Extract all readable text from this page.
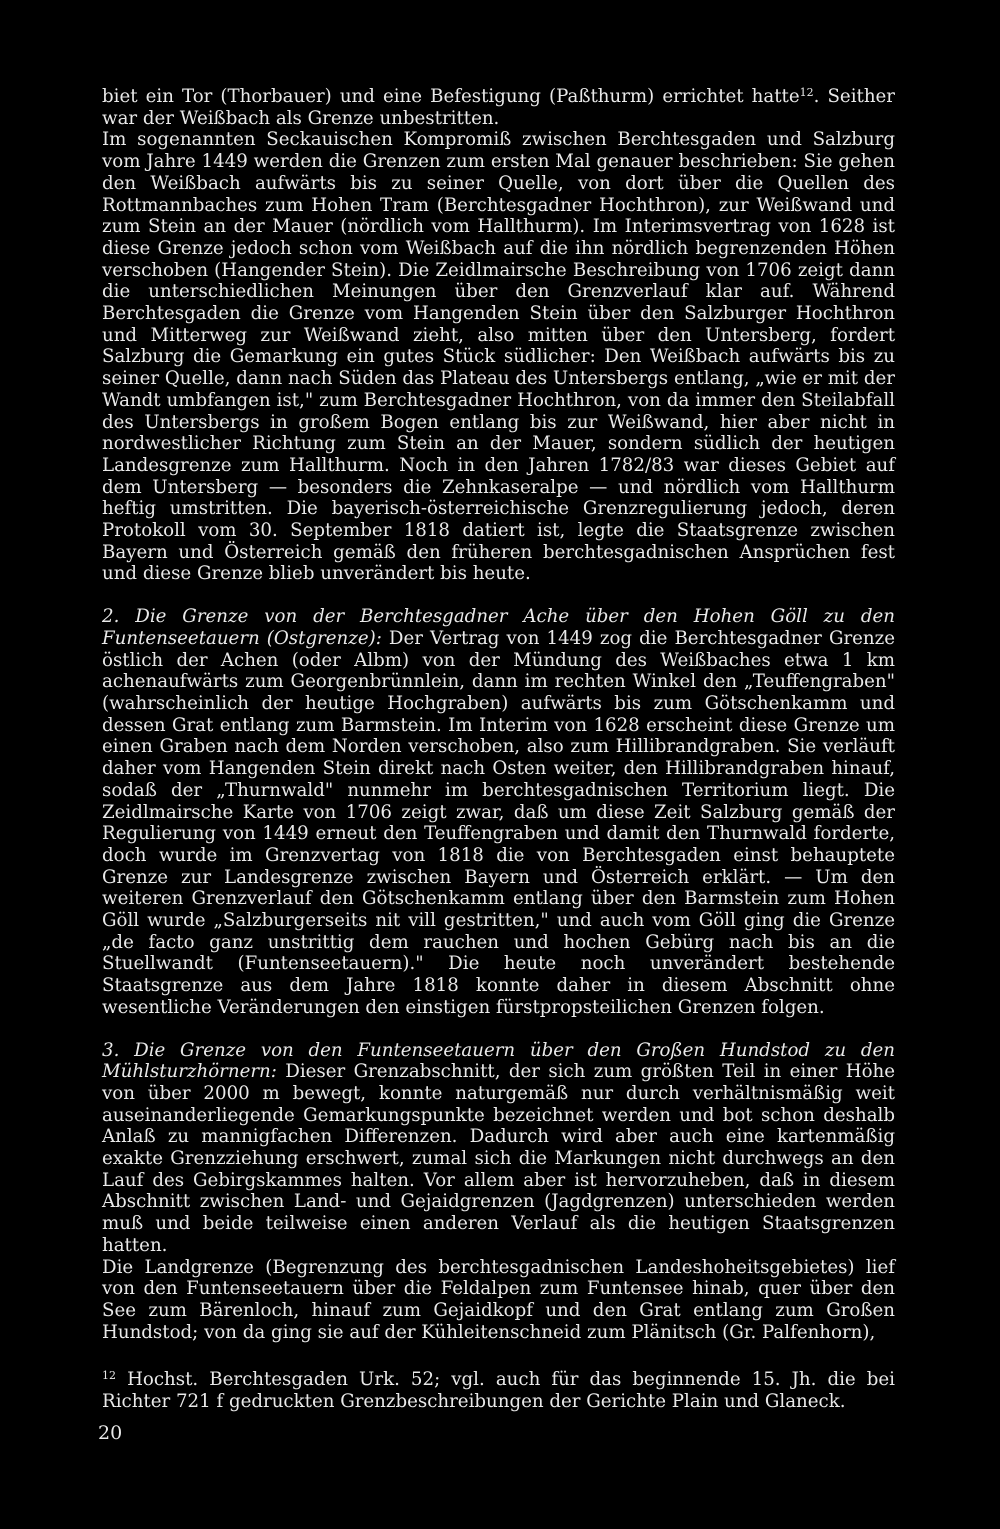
biet ein Tor (Thorbauer) und eine Befestigung (Paßthurm) errichtet hatte$^{12}$. Seither war der Weißbach als Grenze unbestritten.

Im sogenannten Seckauischen Kompromiß zwischen Berchtesgaden und Salzburg vom Jahre 1449 werden die Grenzen zum ersten Mal genauer beschrieben: Sie gehen den Weißbach aufwärts bis zu seiner Quelle, von dort über die Quellen des Rottmannbaches zum Hohen Tram (Berchtesgadner Hochthron), zur Weißwand und zum Stein an der Mauer (nördlich vom Hallthurm). Im Interimsvertrag von 1628 ist diese Grenze jedoch schon vom Weißbach auf die ihn nördlich begrenzenden Höhen verschoben (Hangender Stein). Die Zeidlmairsche Beschreibung von 1706 zeigt dann die unterschiedlichen Meinungen über den Grenzverlauf klar auf. Während Berchtesgaden die Grenze vom Hangenden Stein über den Salzburger Hochthron und Mitterweg zur Weißwand zieht, also mitten über den Untersberg, fordert Salzburg die Gemarkung ein gutes Stück südlicher: Den Weißbach aufwärts bis zu seiner Quelle, dann nach Süden das Plateau des Untersbergs entlang, „wie er mit der Wandt umbfangen ist," zum Berchtesgadner Hochthron, von da immer den Steilabfall des Untersbergs in großem Bogen entlang bis zur Weißwand, hier aber nicht in nordwestlicher Richtung zum Stein an der Mauer, sondern südlich der heutigen Landesgrenze zum Hallthurm. Noch in den Jahren 1782/83 war dieses Gebiet auf dem Untersberg — besonders die Zehnkaseralpe — und nördlich vom Hallthurm heftig umstritten. Die bayerisch-österreichische Grenzregulierung jedoch, deren Protokoll vom 30. September 1818 datiert ist, legte die Staatsgrenze zwischen Bayern und Österreich gemäß den früheren berchtesgadnischen Ansprüchen fest und diese Grenze blieb unverändert bis heute.

2. Die Grenze von der Berchtesgadner Ache über den Hohen Göll zu den Funtenseetauern (Ostgrenze): Der Vertrag von 1449 zog die Berchtesgadner Grenze östlich der Achen (oder Albm) von der Mündung des Weißbaches etwa 1 km achenaufwärts zum Georgenbrünnlein, dann im rechten Winkel den „Teuffengraben" (wahrscheinlich der heutige Hochgraben) aufwärts bis zum Götschenkamm und dessen Grat entlang zum Barmstein. Im Interim von 1628 erscheint diese Grenze um einen Graben nach dem Norden verschoben, also zum Hillibrandgraben. Sie verläuft daher vom Hangenden Stein direkt nach Osten weiter, den Hillibrandgraben hinauf, sodaß der „Thurnwald" nunmehr im berchtesgadnischen Territorium liegt. Die Zeidlmairsche Karte von 1706 zeigt zwar, daß um diese Zeit Salzburg gemäß der Regulierung von 1449 erneut den Teuffengraben und damit den Thurnwald forderte, doch wurde im Grenzvertag von 1818 die von Berchtesgaden einst behauptete Grenze zur Landesgrenze zwischen Bayern und Österreich erklärt. — Um den weiteren Grenzverlauf den Götschenkamm entlang über den Barmstein zum Hohen Göll wurde „Salzburgerseits nit vill gestritten," und auch vom Göll ging die Grenze „de facto ganz unstrittig dem rauchen und hochen Gebürg nach bis an die Stuellwandt (Funtenseetauern)." Die heute noch unverändert bestehende Staatsgrenze aus dem Jahre 1818 konnte daher in diesem Abschnitt ohne wesentliche Veränderungen den einstigen fürstpropsteilichen Grenzen folgen.

3. Die Grenze von den Funtenseetauern über den Großen Hundstod zu den Mühlsturzhörnern: Dieser Grenzabschnitt, der sich zum größten Teil in einer Höhe von über 2000 m bewegt, konnte naturgemäß nur durch verhältnismäßig weit auseinanderliegende Gemarkungspunkte bezeichnet werden und bot schon deshalb Anlaß zu mannigfachen Differenzen. Dadurch wird aber auch eine kartenmäßig exakte Grenzziehung erschwert, zumal sich die Markungen nicht durchwegs an den Lauf des Gebirgskammes halten. Vor allem aber ist hervorzuheben, daß in diesem Abschnitt zwischen Land- und Gejaidgrenzen (Jagdgrenzen) unterschieden werden muß und beide teilweise einen anderen Verlauf als die heutigen Staatsgrenzen hatten.

Die Landgrenze (Begrenzung des berchtesgadnischen Landeshoheitsgebietes) lief von den Funtenseetauern über die Feldalpen zum Funtensee hinab, quer über den See zum Bärenloch, hinauf zum Gejaidkopf und den Grat entlang zum Großen Hundstod; von da ging sie auf der Kühleitenschneid zum Plänitsch (Gr. Palfenhorn),

$^{12}$ Hochst. Berchtesgaden Urk. 52; vgl. auch für das beginnende 15. Jh. die bei Richter 721 f gedruckten Grenzbeschreibungen der Gerichte Plain und Glaneck.

20
